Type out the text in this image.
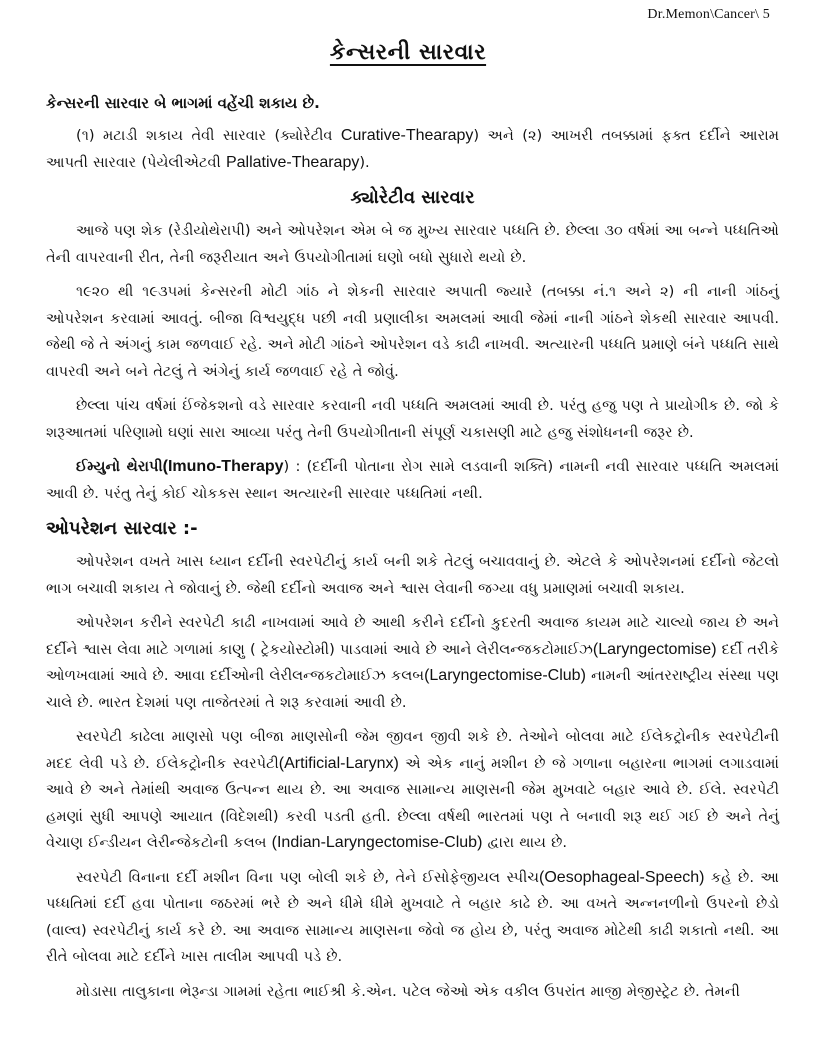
Dr.Memon\Cancer\ 5

કેન્સરની સારવાર

કેન્સરની સારવાર બે ભાગમાં વહેંચી શકાય છે.

(૧) મટાડી શકાય તેવી સારવાર (ક્યોરેટીવ Curative-Thearapy) અને (૨) આખરી તબક્કામાં ફક્ત દર્દીને આરામ આપતી સારવાર (પેયેલીએટવી Pallative-Thearapy).

ક્યોરેટીવ સારવાર

આજે પણ શેક (રેડીયોથેરાપી) અને ઓપરેશન એમ બે જ મુખ્ય સારવાર પધ્ધતિ છે. છેલ્લા ૩૦ વર્ષમાં આ બન્ને પધ્ધતિઓ તેની વાપરવાની રીત, તેની જરૂરીયાત અને ઉપયોગીતામાં ઘણો બધો સુધારો થયો છે.

૧૯૨૦ થી ૧૯૩૫માં કેન્સરની મોટી ગાંઠ ને શેકની સારવાર અપાતી જ્યારે (તબક્કા નં.૧ અને ૨) ની નાની ગાંઠનું ઓપરેશન કરવામાં આવતું. બીજા વિશ્વયુદ્ધ પછી નવી પ્રણાલીકા અમલમાં આવી જેમાં નાની ગાંઠને શેકથી સારવાર આપવી. જેથી જે તે અંગનું કામ જળવાઈ રહે. અને મોટી ગાંઠને ઓપરેશન વડે કાઢી નાખવી. અત્યારની પધ્ધતિ પ્રમાણે બંને પધ્ધતિ સાથે વાપરવી અને બને તેટલું તે અંગેનું કાર્ય જળવાઈ રહે તે જોવું.

છેલ્લા પાંચ વર્ષમાં ઈંજેકશનો વડે સારવાર કરવાની નવી પધ્ધતિ અમલમાં આવી છે. પરંતુ હજુ પણ તે પ્રાયોગીક છે. જો કે શરૂઆતમાં પરિણામો ઘણાં સારા આવ્યા પરંતુ તેની ઉપયોગીતાની સંપૂર્ણ ચકાસણી માટે હજુ સંશોધનની જરૂર છે.

ઈમ્યુનો થેરાપી(Imuno-Therapy) : (દર્દીની પોતાના રોગ સામે લડવાની શક્તિ) નામની નવી સારવાર પધ્ધતિ અમલમાં આવી છે. પરંતુ તેનું કોઈ ચોકકસ સ્થાન અત્યારની સારવાર પધ્ધતિમાં નથી.

ઓપરેશન સારવાર :-

ઓપરેશન વખતે ખાસ ધ્યાન દર્દીની સ્વરપેટીનું કાર્ય બની શકે તેટલું બચાવવાનું છે. એટલે કે ઓપરેશનમાં દર્દીનો જેટલો ભાગ બચાવી શકાય તે જોવાનું છે. જેથી દર્દીનો અવાજ અને શ્વાસ લેવાની જગ્યા વધુ પ્રમાણમાં બચાવી શકાય.

ઓપરેશન કરીને સ્વરપેટી કાઢી નાખવામાં આવે છે આથી કરીને દર્દીનો કુદરતી અવાજ કાયમ માટે ચાલ્યો જાય છે અને દર્દીને શ્વાસ લેવા માટે ગળામાં કાણુ ( ટ્રેકયોસ્ટોમી) પાડવામાં આવે છે આને લેરીલન્જકટોમાઈઝ(Laryngectomise) દર્દી તરીકે ઓળખવામાં આવે છે. આવા દર્દીઓની લેરીલન્જકટોમાઈઝ કલબ(Laryngectomise-Club) નામની આંતરરાષ્ટ્રીય સંસ્થા પણ ચાલે છે. ભારત દેશમાં પણ તાજેતરમાં તે શરૂ કરવામાં આવી છે.

સ્વરપેટી કાઢેલા માણસો પણ બીજા માણસોની જેમ જીવન જીવી શકે છે. તેઓને બોલવા માટે ઈલેકટ્રોનીક સ્વરપેટીની મદદ લેવી પડે છે. ઈલેકટ્રોનીક સ્વરપેટી(Artificial-Larynx) એ એક નાનું મશીન છે જે ગળાના બહારના ભાગમાં લગાડવામાં આવે છે અને તેમાંથી અવાજ ઉત્પન્ન થાય છે. આ અવાજ સામાન્ય માણસની જેમ મુખવાટે બહાર આવે છે. ઈલે. સ્વરપેટી હમણાં સુધી આપણે આયાત (વિદેશથી) કરવી પડતી હતી. છેલ્લા વર્ષથી ભારતમાં પણ તે બનાવી શરૂ થઈ ગઈ છે અને તેનું વેચાણ ઈન્ડીયન લેરીન્જેકટોની કલબ (Indian-Laryngectomise-Club) દ્વારા થાય છે.

સ્વરપેટી વિનાના દર્દી મશીન વિના પણ બોલી શકે છે, તેને ઈસોફેજીયલ સ્પીચ(Oesophageal-Speech) કહે છે. આ પધ્ધતિમાં દર્દી હવા પોતાના જઠરમાં ભરે છે અને ધીમે ધીમે મુખવાટે તે બહાર કાઢે છે. આ વખતે અન્નનળીનો ઉપરનો છેડો (વાલ્વ) સ્વરપેટીનું કાર્ય કરે છે. આ અવાજ સામાન્ય માણસના જેવો જ હોય છે, પરંતુ અવાજ મોટેથી કાઢી શકાતો નથી. આ રીતે બોલવા માટે દર્દીને ખાસ તાલીમ આપવી પડે છે.

મોડાસા તાલુકાના ભેરૂન્ડા ગામમાં રહેતા ભાઈશ્રી કે.એન. પટેલ જેઓ એક વકીલ ઉપરાંત માજી મેજીસ્ટ્રેટ છે. તેમની
